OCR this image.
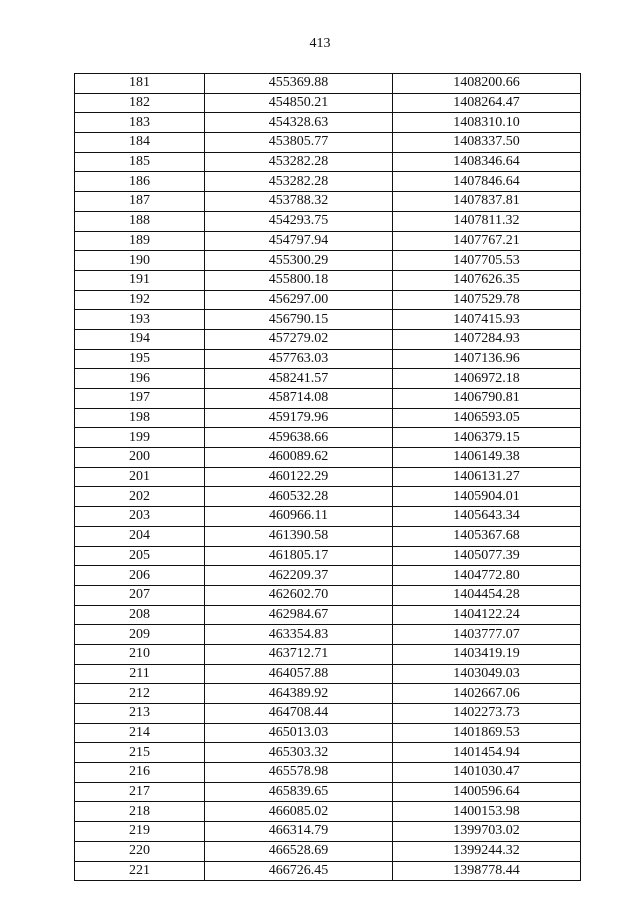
413
181	455369.88	1408200.66
182	454850.21	1408264.47
183	454328.63	1408310.10
184	453805.77	1408337.50
185	453282.28	1408346.64
186	453282.28	1407846.64
187	453788.32	1407837.81
188	454293.75	1407811.32
189	454797.94	1407767.21
190	455300.29	1407705.53
191	455800.18	1407626.35
192	456297.00	1407529.78
193	456790.15	1407415.93
194	457279.02	1407284.93
195	457763.03	1407136.96
196	458241.57	1406972.18
197	458714.08	1406790.81
198	459179.96	1406593.05
199	459638.66	1406379.15
200	460089.62	1406149.38
201	460122.29	1406131.27
202	460532.28	1405904.01
203	460966.11	1405643.34
204	461390.58	1405367.68
205	461805.17	1405077.39
206	462209.37	1404772.80
207	462602.70	1404454.28
208	462984.67	1404122.24
209	463354.83	1403777.07
210	463712.71	1403419.19
211	464057.88	1403049.03
212	464389.92	1402667.06
213	464708.44	1402273.73
214	465013.03	1401869.53
215	465303.32	1401454.94
216	465578.98	1401030.47
217	465839.65	1400596.64
218	466085.02	1400153.98
219	466314.79	1399703.02
220	466528.69	1399244.32
221	466726.45	1398778.44
